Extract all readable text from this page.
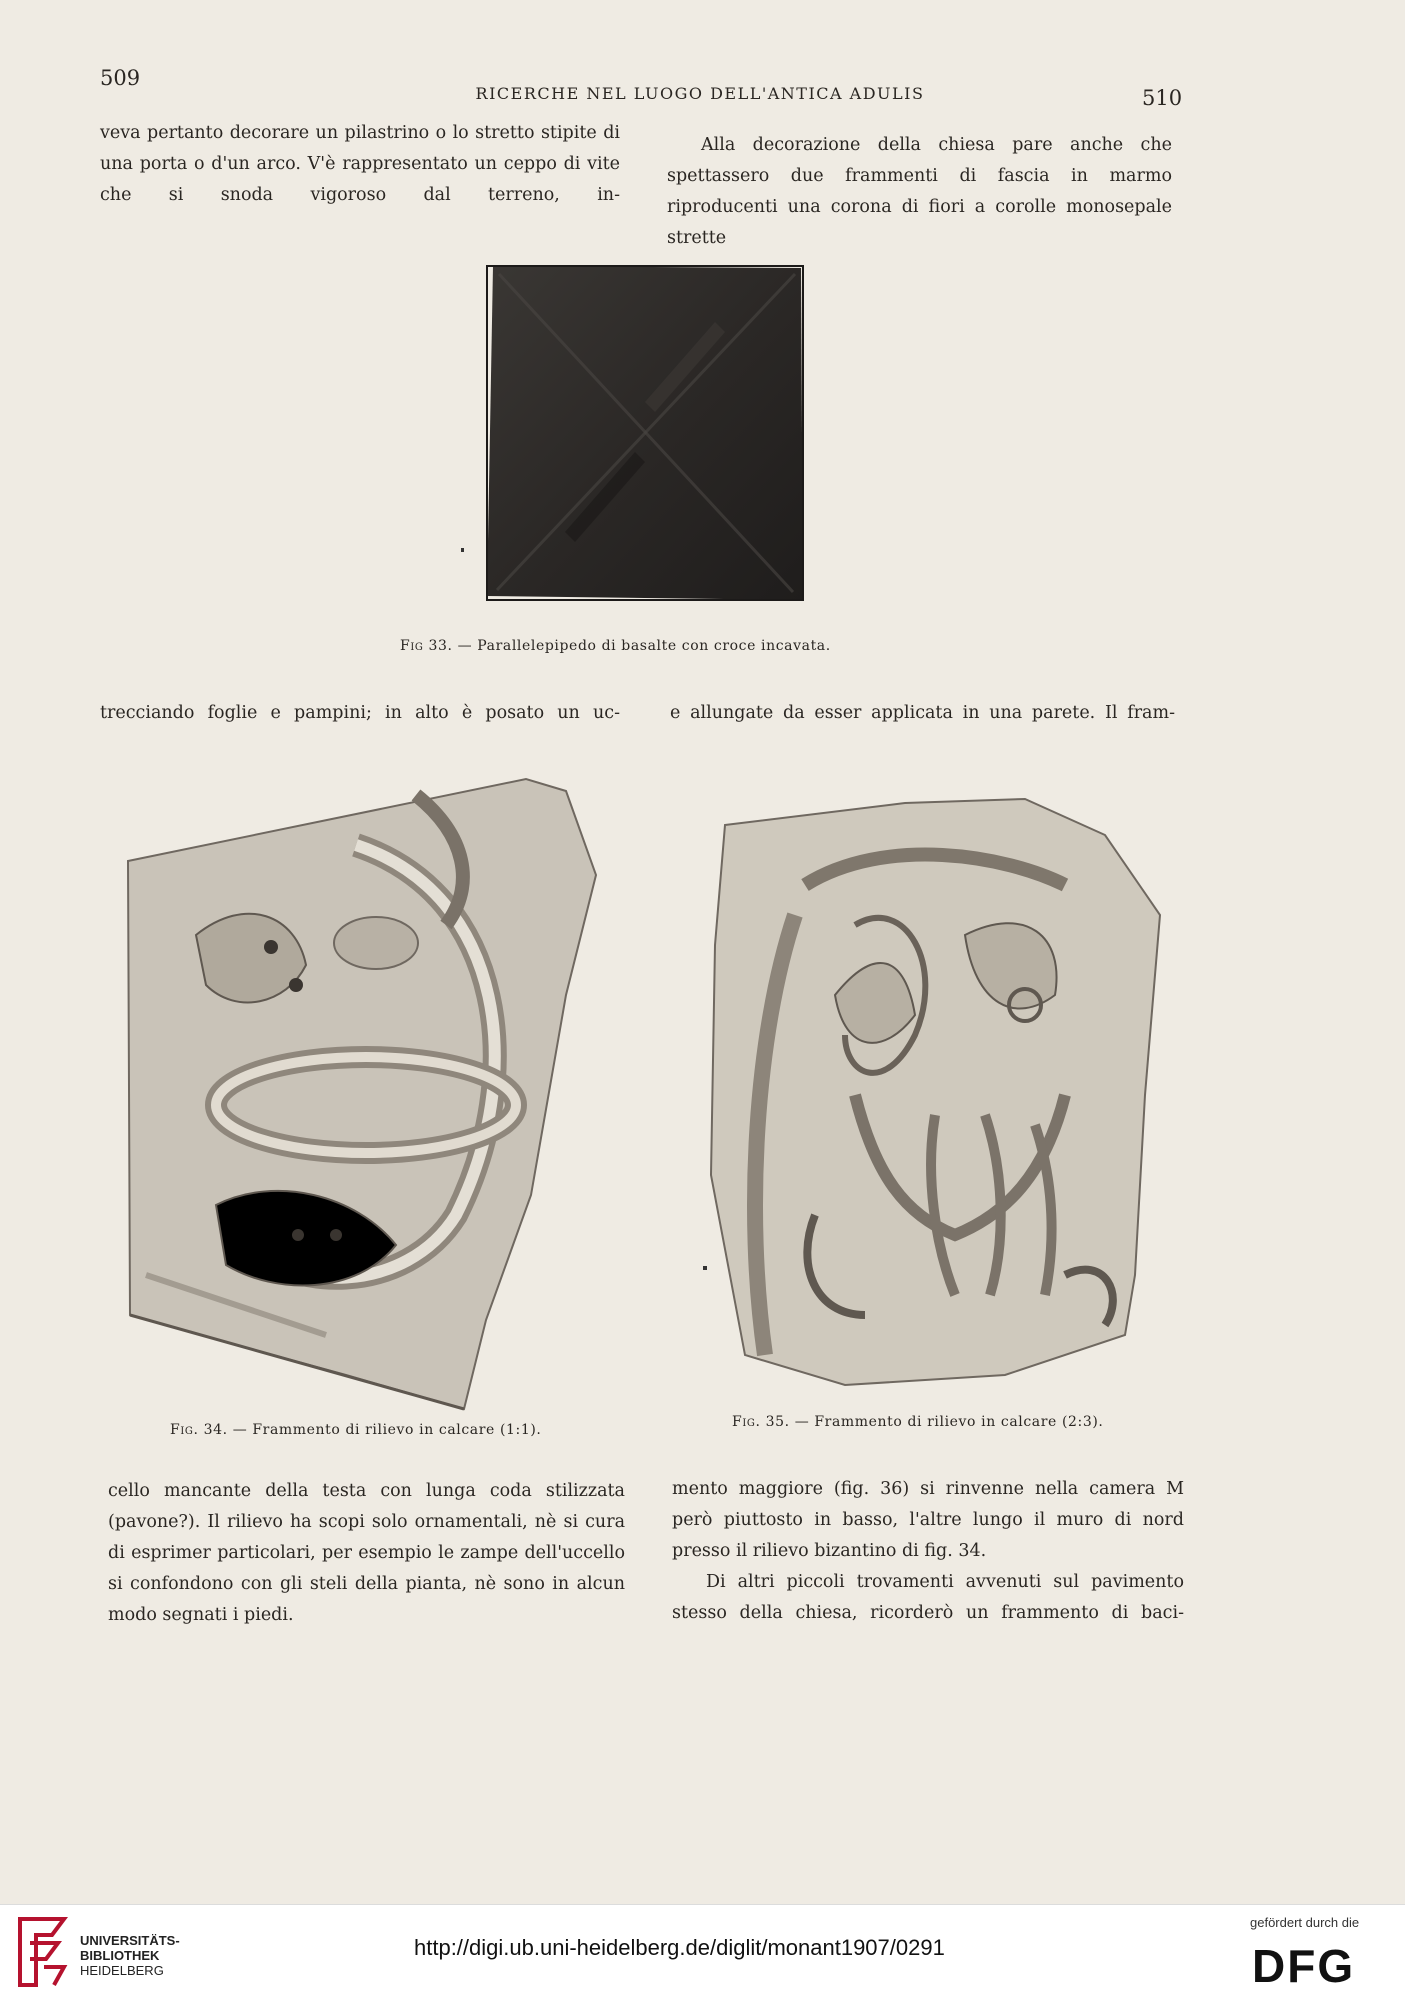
509
RICERCHE NEL LUOGO DELL'ANTICA ADULIS	510

veva pertanto decorare un pilastrino o lo stretto stipite di una porta o d'un arco. V'è rappresentato un ceppo di vite che si snoda vigoroso dal terreno, in-

Alla decorazione della chiesa pare anche che spettassero due frammenti di fascia in marmo riproducenti una corona di fiori a corolle monosepale strette

Fig 33. — Parallelepipedo di basalte con croce incavata.

trecciando foglie e pampini; in alto è posato un uc-	e allungate da esser applicata in una parete. Il fram-

Fig. 34. — Frammento di rilievo in calcare (1:1).	Fig. 35. — Frammento di rilievo in calcare (2:3).

cello mancante della testa con lunga coda stilizzata (pavone?). Il rilievo ha scopi solo ornamentali, nè si cura di esprimer particolari, per esempio le zampe dell'uccello si confondono con gli steli della pianta, nè sono in alcun modo segnati i piedi.

mento maggiore (fig. 36) si rinvenne nella camera M però piuttosto in basso, l'altre lungo il muro di nord presso il rilievo bizantino di fig. 34.

Di altri piccoli trovamenti avvenuti sul pavimento stesso della chiesa, ricorderò un frammento di baci-

UNIVERSITÄTS-
BIBLIOTHEK
HEIDELBERG
http://digi.ub.uni-heidelberg.de/diglit/monant1907/0291
gefördert durch die
DFG
